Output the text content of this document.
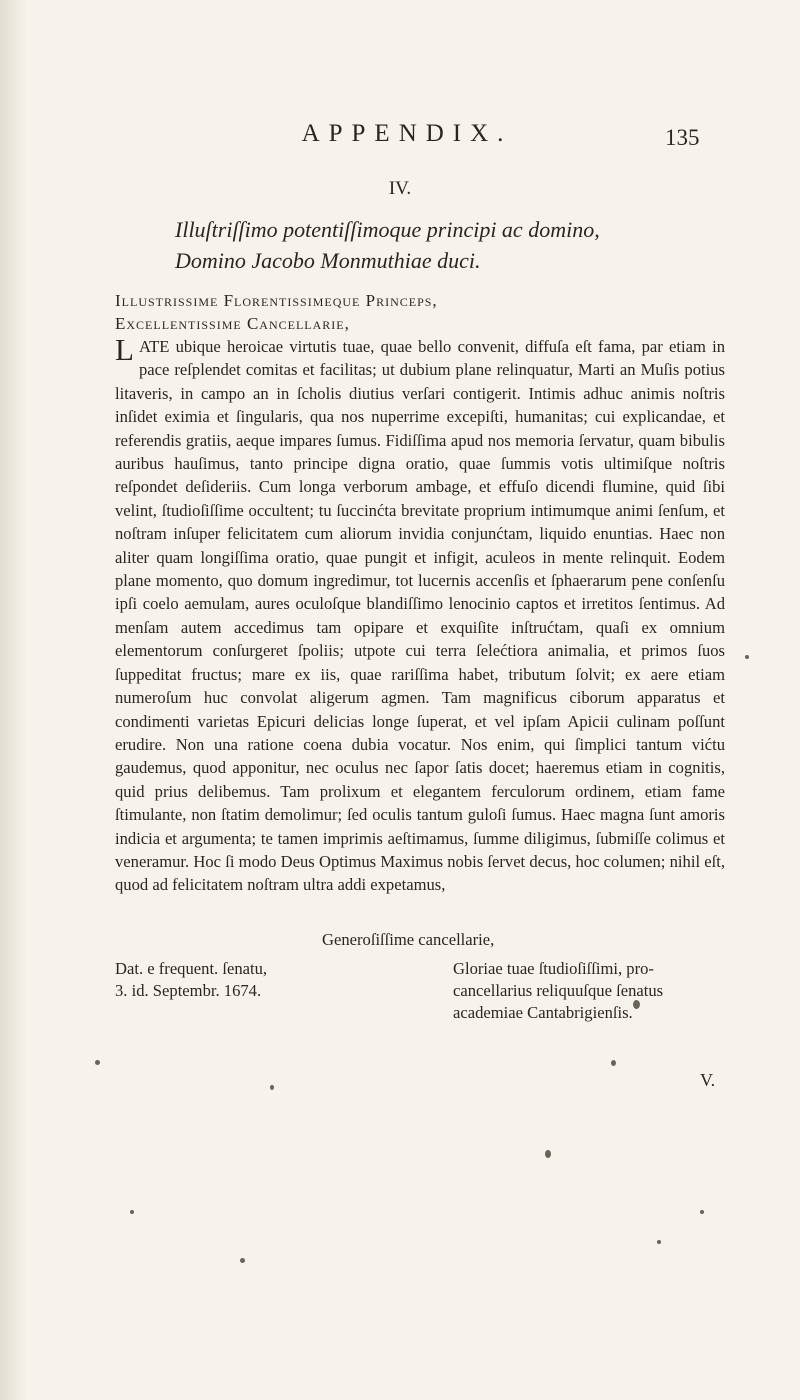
APPENDIX.	135
IV.
Illuſtriſſimo potentiſſimoque principi ac domino,
Domino Jacobo Monmuthiae duci.
Illustrissime Florentissimeque Princeps,
Excellentissime Cancellarie,
LATE ubique heroicae virtutis tuae, quae bello convenit, diffuſa eſt fama, par etiam in pace reſplendet comitas et facilitas; ut dubium plane relinquatur, Marti an Muſis potius litaveris, in campo an in ſcholis diutius verſari contigerit. Intimis adhuc animis noſtris inſidet eximia et ſingularis, qua nos nuperrime excepiſti, humanitas; cui explicandae, et referendis gratiis, aeque impares ſumus. Fidiſſima apud nos memoria ſervatur, quam bibulis auribus hauſimus, tanto principe digna oratio, quae ſummis votis ultimiſque noſtris reſpondet deſideriis. Cum longa verborum ambage, et effuſo dicendi flumine, quid ſibi velint, ſtudioſiſſime occultent; tu ſuccinćta brevitate proprium intimumque animi ſenſum, et noſtram inſuper felicitatem cum aliorum invidia conjunćtam, liquido enuntias. Haec non aliter quam longiſſima oratio, quae pungit et infigit, aculeos in mente relinquit. Eodem plane momento, quo domum ingredimur, tot lucernis accenſis et ſphaerarum pene conſenſu ipſi coelo aemulam, aures oculoſque blandiſſimo lenocinio captos et irretitos ſentimus. Ad menſam autem accedimus tam opipare et exquiſite inſtrućtam, quaſi ex omnium elementorum conſurgeret ſpoliis; utpote cui terra ſelećtiora animalia, et primos ſuos ſuppeditat fructus; mare ex iis, quae rariſſima habet, tributum ſolvit; ex aere etiam numeroſum huc convolat aligerum agmen. Tam magnificus ciborum apparatus et condimenti varietas Epicuri delicias longe ſuperat, et vel ipſam Apicii culinam poſſunt erudire. Non una ratione coena dubia vocatur. Nos enim, qui ſimplici tantum vićtu gaudemus, quod apponitur, nec oculus nec ſapor ſatis docet; haeremus etiam in cognitis, quid prius delibemus. Tam prolixum et elegantem ferculorum ordinem, etiam fame ſtimulante, non ſtatim demolimur; ſed oculis tantum guloſi ſumus. Haec magna ſunt amoris indicia et argumenta; te tamen imprimis aeſtimamus, ſumme diligimus, ſubmiſſe colimus et veneramur. Hoc ſi modo Deus Optimus Maximus nobis ſervet decus, hoc columen; nihil eſt, quod ad felicitatem noſtram ultra addi expetamus,
Generoſiſſime cancellarie,
Dat. e frequent. ſenatu,
3. id. Septembr. 1674.
Gloriae tuae ſtudioſiſſimi, pro-
cancellarius reliquuſque ſenatus
academiae Cantabrigienſis.
V.
